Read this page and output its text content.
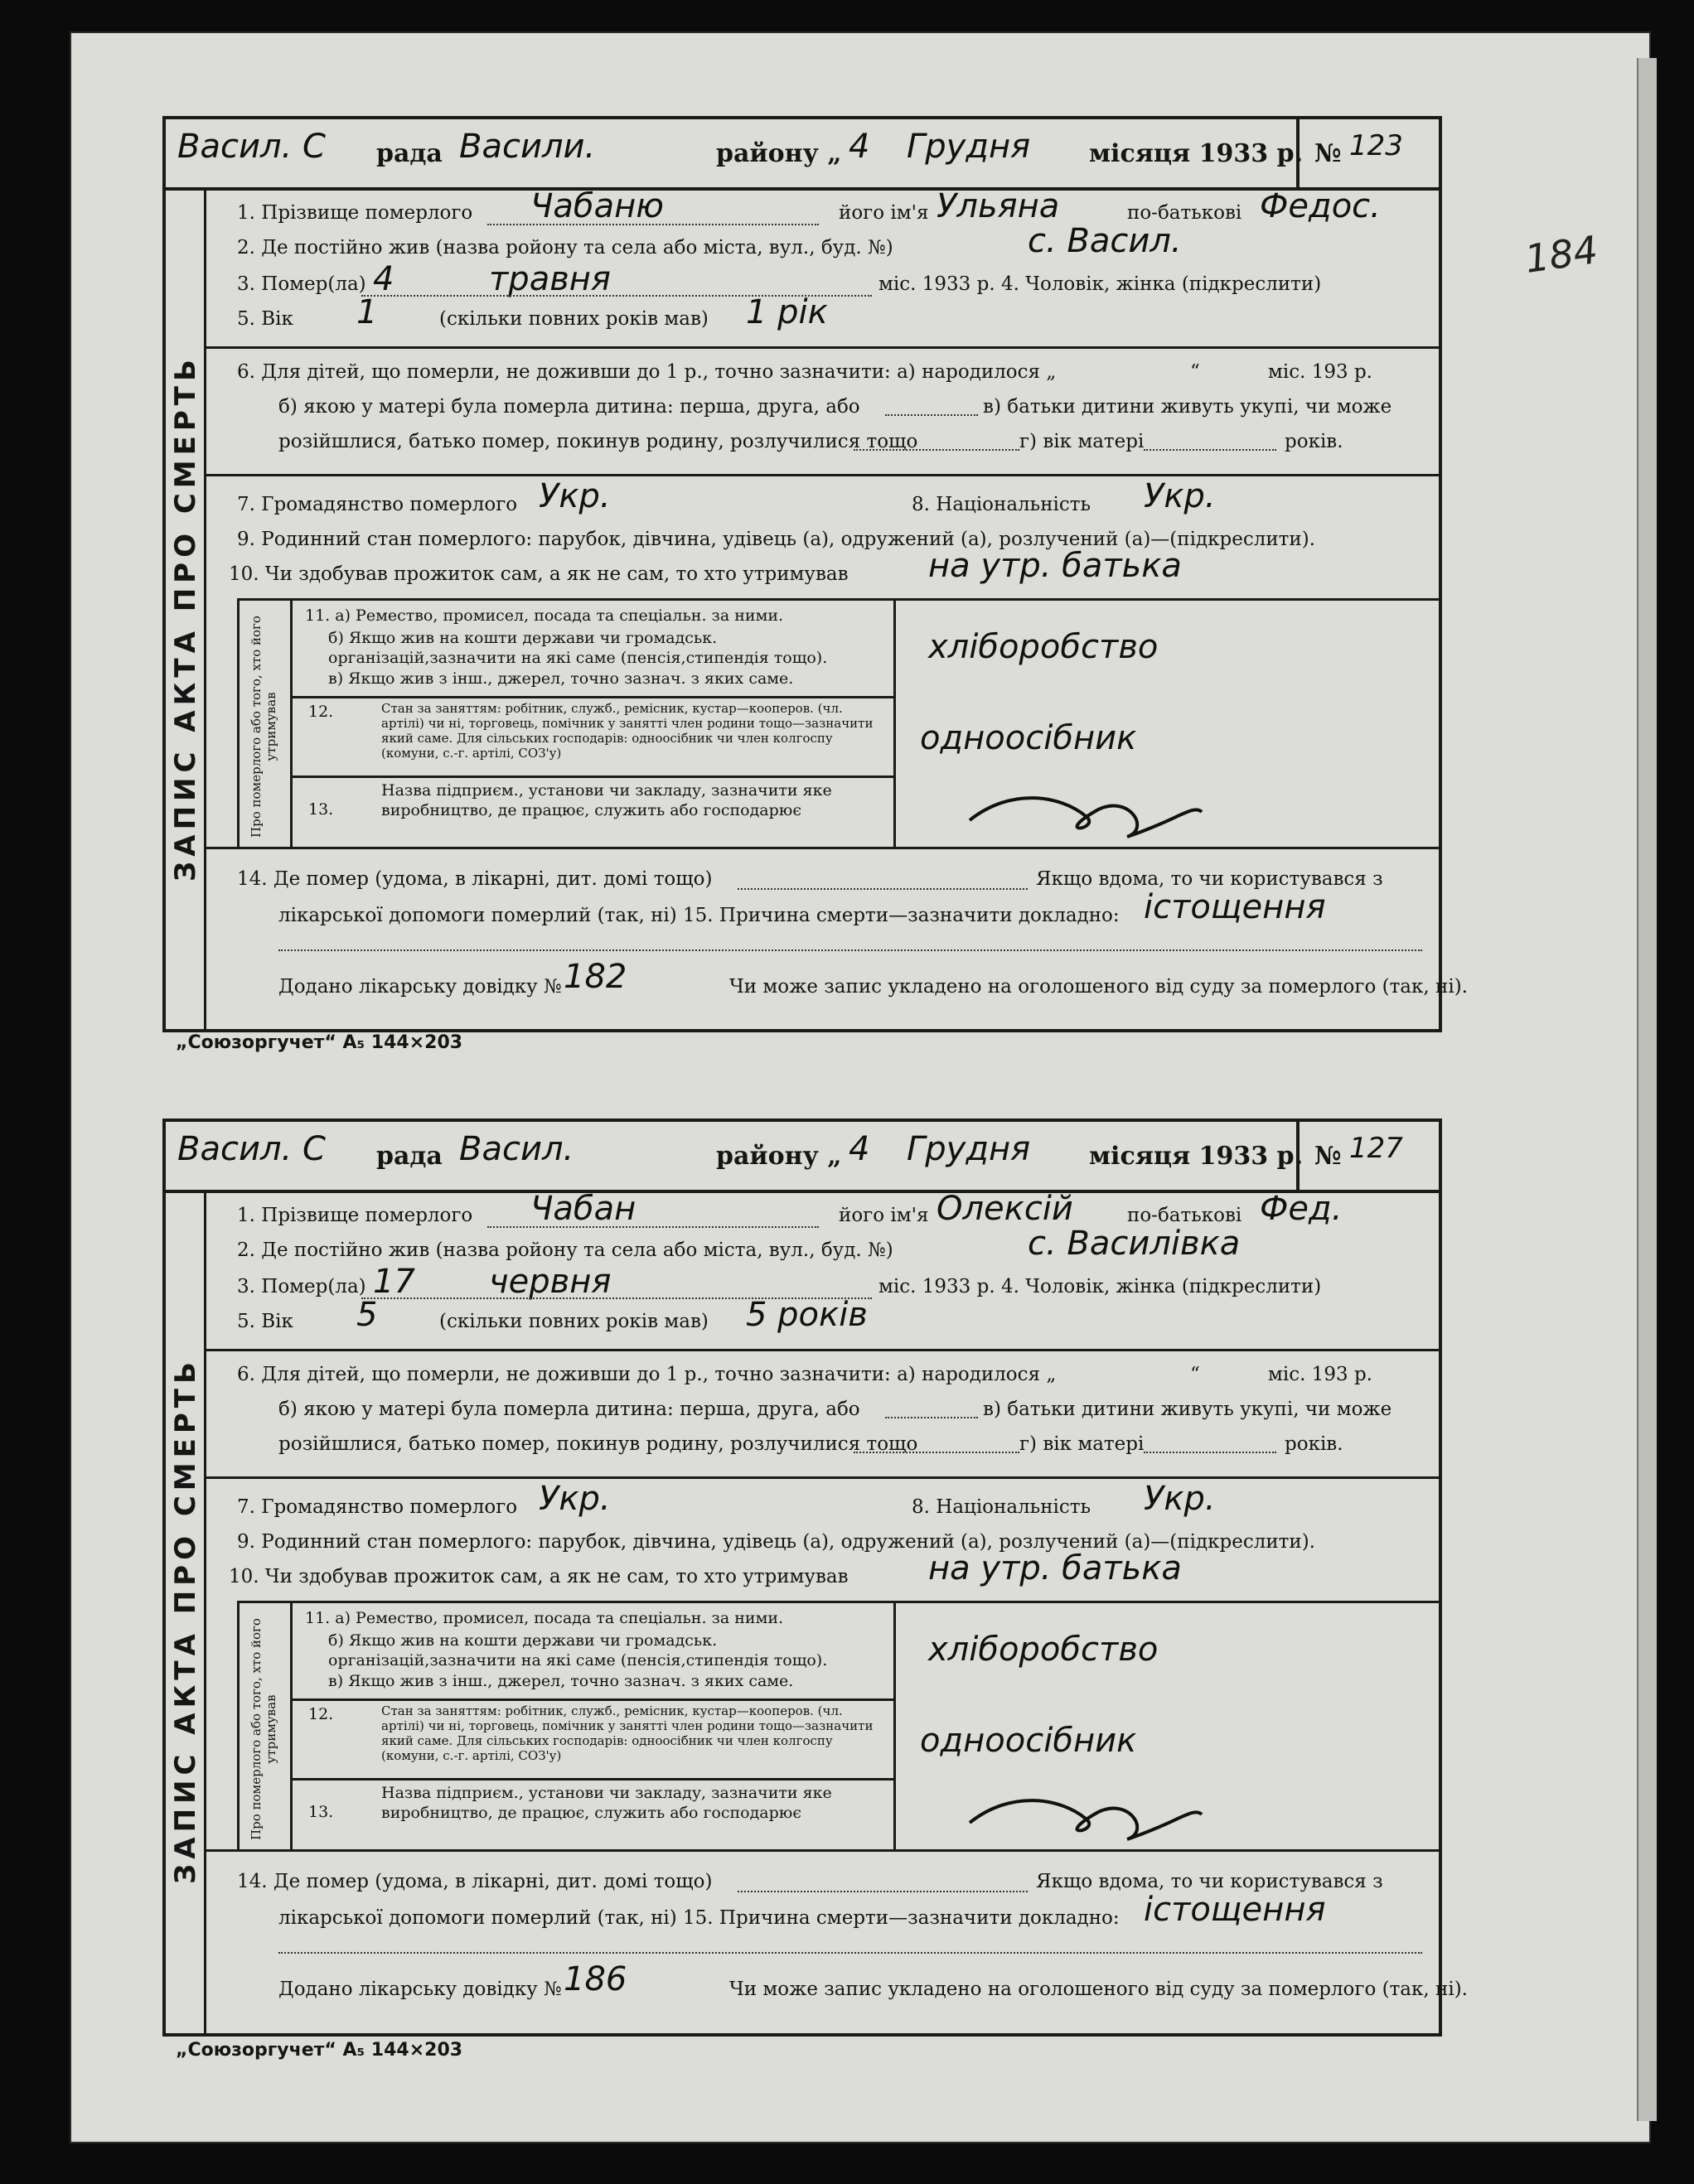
184
Васил. С рада Васили.	району „ 4 Грудня місяця 1933 р. № 123
ЗАПИС АКТА ПРО СМЕРТЬ
1. Прізвище померлого Чабаню	його ім'я Ульяна	по-батькові Федос.
2. Де постійно жив (назва ройону та села або міста, вул., буд. №)	с. Васил.
3. Помер(ла) 4	травня	міс. 1933 р. 4. Чоловік, жінка (підкреслити)
5. Вік 1	(скільки повних років мав) 1 рік
6. Для дітей, що померли, не доживши до 1 р., точно зазначити: а) народилося „	“	міс. 193 р.
б) якою у матері була померла дитина: перша, друга, або	в) батьки дитини живуть укупі, чи може
розійшлися, батько помер, покинув родину, розлучилися тощо	г) вік матері	років.
7. Громадянство померлого Укр.	8. Національність Укр.
9. Родинний стан померлого: парубок, дівчина, удівець (а), одружений (а), розлучений (а)—(підкреслити).
10. Чи здобував прожиток сам, а як не сам, то хто утримував на утр. батька
Про померлого або того, хто його утримував
11. а) Ремество, промисел, посада та спеціальн. за ними.
б) Якщо жив на кошти держави чи громадськ. організацій,зазначити на які саме (пенсія,стипендія тощо).
в) Якщо жив з інш., джерел, точно зазнач. з яких саме.
хліборобство
12.	Стан за заняттям: робітник, служб., ремісник, кустар—кооперов. (чл. артілі) чи ні, торговець, помічник у занятті член родини тощо—зазначити який саме. Для сільських господарів: одноосібник чи член колгоспу (комуни, с.-г. артілі, СОЗ'у)	одноосібник
13.
Назва підприєм., установи чи закладу, зазначити яке виробництво, де працює, служить або господарює
14. Де помер (удома, в лікарні, дит. домі тощо)	Якщо вдома, то чи користувався з
лікарської допомоги померлий (так, ні) 15. Причина смерти—зазначити докладно: істощення
Додано лікарську довідку № 182	Чи може запис укладено на оголошеного від суду за померлого (так, ні).
Васил. С рада Васил.	району „ 4 Грудня місяця 1933 р. № 127
ЗАПИС АКТА ПРО СМЕРТЬ
1. Прізвище померлого Чабан	його ім'я Олексій	по-батькові Фед.
2. Де постійно жив (назва ройону та села або міста, вул., буд. №)	с. Василівка
3. Помер(ла) 17 червня	міс. 1933 р. 4. Чоловік, жінка (підкреслити)
5. Вік 5	(скільки повних років мав) 5 років
6. Для дітей, що померли, не доживши до 1 р., точно зазначити: а) народилося „	“	міс. 193 р.
б) якою у матері була померла дитина: перша, друга, або	в) батьки дитини живуть укупі, чи може
розійшлися, батько помер, покинув родину, розлучилися тощо	г) вік матері	років.
7. Громадянство померлого Укр.	8. Національність Укр.
9. Родинний стан померлого: парубок, дівчина, удівець (а), одружений (а), розлучений (а)—(підкреслити).
10. Чи здобував прожиток сам, а як не сам, то хто утримував на утр. батька
Про померлого або того, хто його утримував
11. а) Ремество, промисел, посада та спеціальн. за ними.
б) Якщо жив на кошти держави чи громадськ. організацій,зазначити на які саме (пенсія,стипендія тощо).
в) Якщо жив з інш., джерел, точно зазнач. з яких саме.
хліборобство
12.	Стан за заняттям: робітник, служб., ремісник, кустар—кооперов. (чл. артілі) чи ні, торговець, помічник у занятті член родини тощо—зазначити який саме. Для сільських господарів: одноосібник чи член колгоспу (комуни, с.-г. артілі, СОЗ'у)	одноосібник
13.
Назва підприєм., установи чи закладу, зазначити яке виробництво, де працює, служить або господарює
14. Де помер (удома, в лікарні, дит. домі тощо)	Якщо вдома, то чи користувався з
лікарської допомоги померлий (так, ні) 15. Причина смерти—зазначити докладно: істощення
Додано лікарську довідку № 186	Чи може запис укладено на оголошеного від суду за померлого (так, ні).
„Союзоргучет“ А₅ 144×203
„Союзоргучет“ А₅ 144×203
